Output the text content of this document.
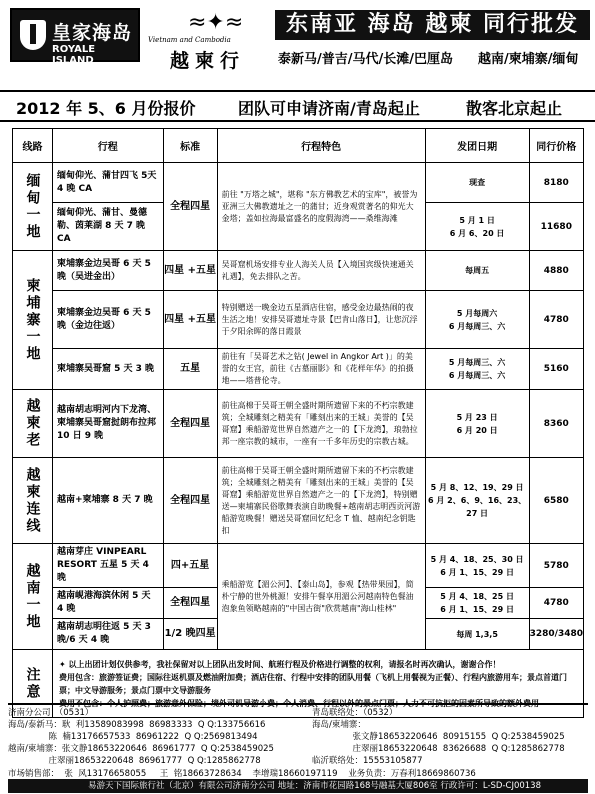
皇家海岛
ROYALE ISLAND
≈✦≈
Vietnam and Cambodia
越柬行
东南亚 海岛 越柬 同行批发
泰新马/普吉/马代/长滩/巴厘岛 越南/柬埔寨/缅甸
2012 年 5、6 月份报价	团队可申请济南/青岛起止	散客北京起止
线路	行程	标准	行程特色	发团日期	同行价格
缅甸一地	缅甸仰光、蒲甘四飞 5天 4 晚 CA	全程四星	前往 "万塔之城"，堪称 "东方佛教艺术的宝库"，被誉为亚洲三大佛教遗址之一的蒲甘；近身观赏著名的仰光大金塔；盖如拉海最富盛名的度假海湾——桑维海滩	现查	8180
	缅甸仰光、蒲甘、曼德勒、茵莱湖 8 天 7 晚 CA			5 月 1 日
6 月 6、20 日	11680
柬埔寨一地	柬埔寨金边吴哥 6 天 5 晚（吴进金出）	四星 +五星	吴哥窟机场安排专业人海关人员【入境国宾级快速通关礼遇】，免去排队之苦。	每周五	4880
	柬埔寨金边吴哥 6 天 5 晚（金边往返）	四星 +五星	特别赠送一晚金边五星酒店住宿，感受金边最热闹的夜生活之地！安排吴哥遗址寺景【巴肯山落日】，让您沉浮于夕阳余晖的落日霞景	5 月每周六
6 月每周三、六	4780
	柬埔寨吴哥窟 5 天 3 晚	五星	前往有「吴哥艺术之钻( Jewel in Angkor Art )」的美誉的女王宫，前往《古墓丽影》和《花样年华》的拍摄地——塔普伦寺。	5 月每周三、六
6 月每周三、六	5160
越柬老	越南胡志明河内下龙湾、柬埔寨吴哥窟挝朗布拉邦 10 日 9 晚	全程四星	前往高棉于吴哥王朝全盛时期所遗留下来的不朽宗教建筑；全城雕刻之精美有「雕刻出来的王城」美誉的【吴哥窟】乘船游览世界自然遗产之一的【下龙湾】，琅勃拉邦一座宗教的城市，一座有一千多年历史的宗教古城。	5 月 23 日
6 月 20 日	8360
越柬连线	越南+柬埔寨 8 天 7 晚	全程四星	前往高棉于吴哥王朝全盛时期所遗留下来的不朽宗教建筑；全城雕刻之精美有「雕刻出来的王城」美誉的【吴哥窟】乘船游览世界自然遗产之一的【下龙湾】，特别赠送—柬埔寨民俗歌舞表演自助晚餐+越南胡志明西贡河游船游览晚餐！赠送吴哥窟回忆纪念 T 恤、越南纪念钥匙扣	5 月 8、12、19、29 日
6 月 2、6、9、16、23、27 日	6580
越南一地	越南芽庄 VINPEARL RESORT 五星 5 天 4 晚	四+五星	乘船游览【湄公河】、【泰山岛】，参观【热带果园】，简朴宁静的世外桃源！安排午餐享用湄公河越南特色餐油泡象鱼领略越南的"中国古街"欣赏越南"海山桂林"	5 月 4、18、25、30 日
6 月 1、15、29 日	5780
	越南岘港海滨休闲 5 天 4 晚	全程四星		5 月 4、18、25 日
6 月 1、15、29 日	4780
	越南胡志明往返 5 天 3 晚/6 天 4 晚	1/2 晚四星		每周 1,3,5	3280/3480
注意	✦ 以上出团计划仅供参考，我社保留对以上团队出发时间、航班行程及价格进行调整的权利，请报名时再次确认，谢谢合作！
费用包含：旅游签证费；国际往返机票及燃油附加费；酒店住宿、行程中安排的团队用餐（飞机上用餐视为正餐）、行程内旅游用车；景点首道门票；中文导游服务；景点门票中文导游服务
费用不包含：个人护照费；旅游意外保险；境外司机导游小费；个人消费、行程以外的景点门票；人力不可抗拒的因素所导致的额外费用				
济南分公司：（0531）
海岛/泰新马：耿  利13589083998  86983333  Q Q:133756616
陈  楠13176657533  86961222  Q Q:2569813494
越南/柬埔寨：张文静18653220646  86961777  Q Q:2538459025
庄翠丽18653220648  86961777  Q Q:1285862778
青岛联络处：（0532）
海岛/柬埔寨：
张文静18653220646  80915155  Q Q:2538459025
庄翠丽18653220648  83626688  Q Q:1285862778
临沂联络处：15553105877
市场销售部：  张  风13176658055     王  铭18663728634    李增瑞18660197119    业务负责：万春利18669860736
易游天下国际旅行社（北京）有限公司济南分公司 地址：济南市花园路168号融基大厦806室 行政许可：L-SD-CJ00138
